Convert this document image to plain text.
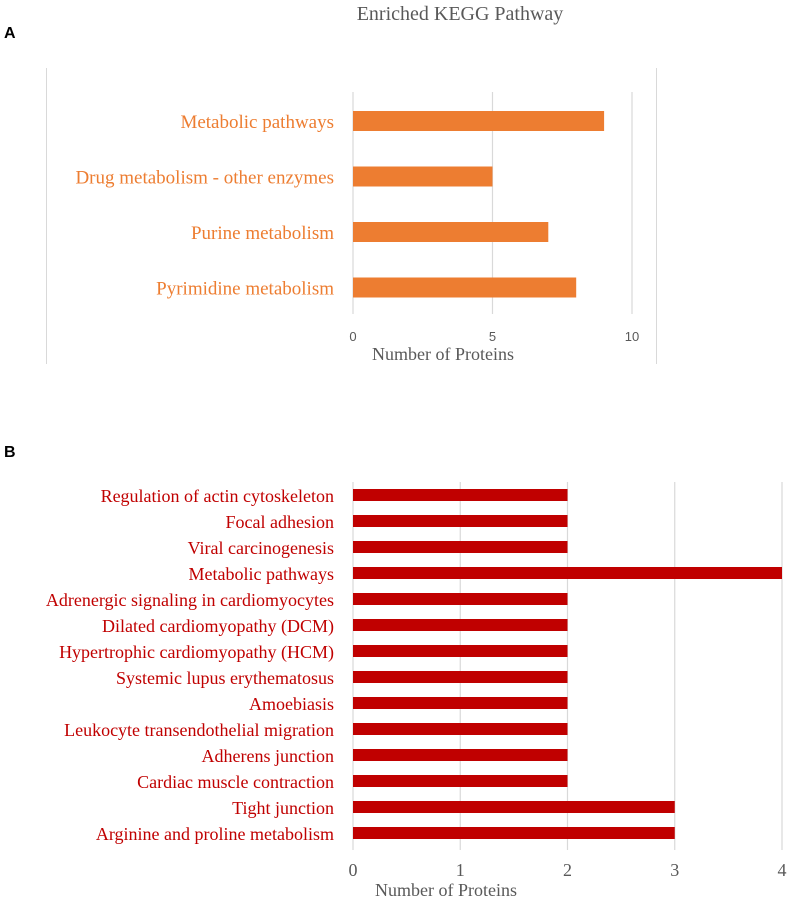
Enriched KEGG Pathway
A
Metabolic pathways
Drug metabolism - other enzymes
Purine metabolism
Pyrimidine metabolism
0	5	10
Number of Proteins
B
Regulation of actin cytoskeleton
Focal adhesion
Viral carcinogenesis
Metabolic pathways
Adrenergic signaling in cardiomyocytes
Dilated cardiomyopathy (DCM)
Hypertrophic cardiomyopathy (HCM)
Systemic lupus erythematosus
Amoebiasis
Leukocyte transendothelial migration
Adherens junction
Cardiac muscle contraction
Tight junction
Arginine and proline metabolism
0	1	2	3	4
Number of Proteins
